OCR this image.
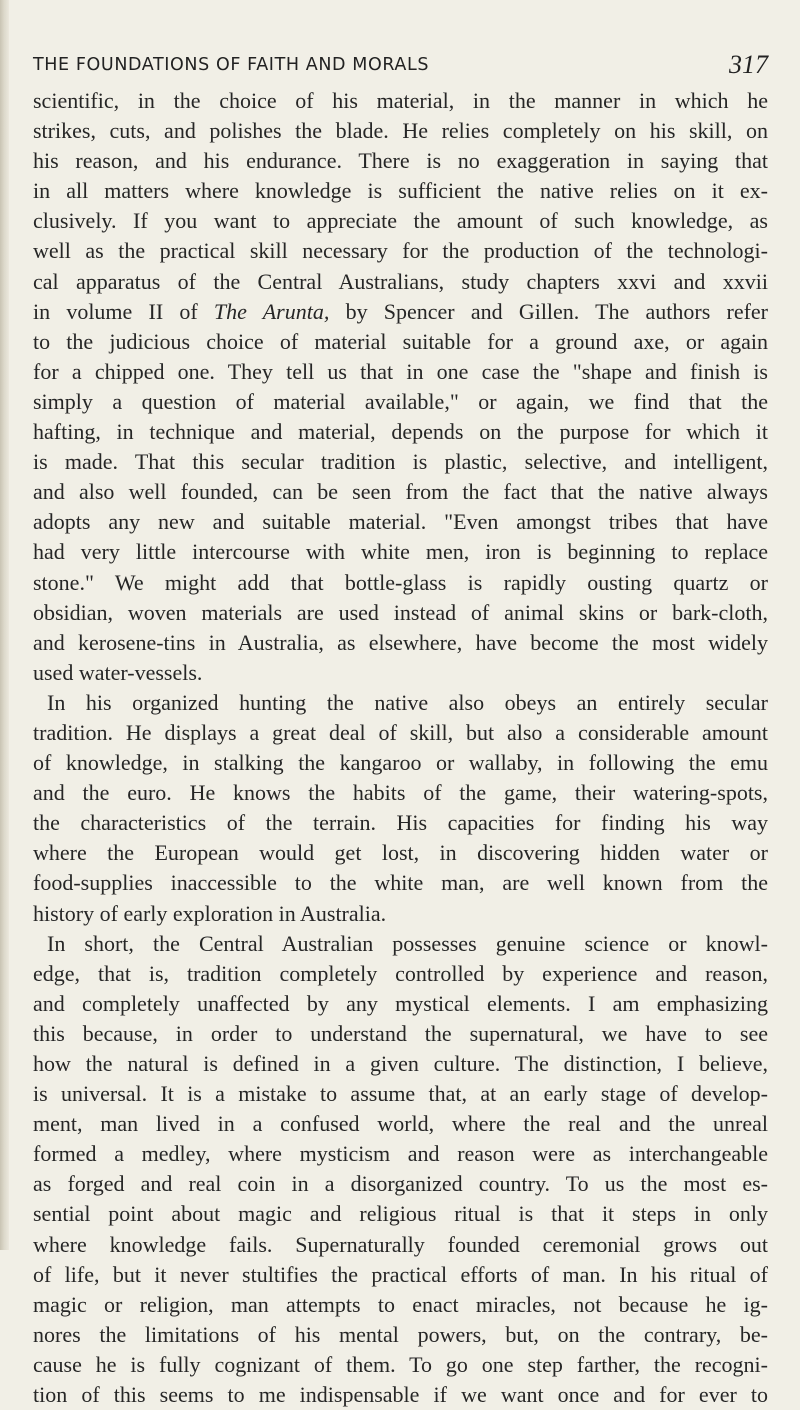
THE FOUNDATIONS OF FAITH AND MORALS	317
scientific, in the choice of his material, in the manner in which he
strikes, cuts, and polishes the blade. He relies completely on his skill, on
his reason, and his endurance. There is no exaggeration in saying that
in all matters where knowledge is sufficient the native relies on it ex-
clusively. If you want to appreciate the amount of such knowledge, as
well as the practical skill necessary for the production of the technologi-
cal apparatus of the Central Australians, study chapters xxvi and xxvii
in volume II of The Arunta, by Spencer and Gillen. The authors refer
to the judicious choice of material suitable for a ground axe, or again
for a chipped one. They tell us that in one case the "shape and finish is
simply a question of material available," or again, we find that the
hafting, in technique and material, depends on the purpose for which it
is made. That this secular tradition is plastic, selective, and intelligent,
and also well founded, can be seen from the fact that the native always
adopts any new and suitable material. "Even amongst tribes that have
had very little intercourse with white men, iron is beginning to replace
stone." We might add that bottle-glass is rapidly ousting quartz or
obsidian, woven materials are used instead of animal skins or bark-cloth,
and kerosene-tins in Australia, as elsewhere, have become the most widely
used water-vessels.
In his organized hunting the native also obeys an entirely secular
tradition. He displays a great deal of skill, but also a considerable amount
of knowledge, in stalking the kangaroo or wallaby, in following the emu
and the euro. He knows the habits of the game, their watering-spots,
the characteristics of the terrain. His capacities for finding his way
where the European would get lost, in discovering hidden water or
food-supplies inaccessible to the white man, are well known from the
history of early exploration in Australia.
In short, the Central Australian possesses genuine science or knowl-
edge, that is, tradition completely controlled by experience and reason,
and completely unaffected by any mystical elements. I am emphasizing
this because, in order to understand the supernatural, we have to see
how the natural is defined in a given culture. The distinction, I believe,
is universal. It is a mistake to assume that, at an early stage of develop-
ment, man lived in a confused world, where the real and the unreal
formed a medley, where mysticism and reason were as interchangeable
as forged and real coin in a disorganized country. To us the most es-
sential point about magic and religious ritual is that it steps in only
where knowledge fails. Supernaturally founded ceremonial grows out
of life, but it never stultifies the practical efforts of man. In his ritual of
magic or religion, man attempts to enact miracles, not because he ig-
nores the limitations of his mental powers, but, on the contrary, be-
cause he is fully cognizant of them. To go one step farther, the recogni-
tion of this seems to me indispensable if we want once and for ever to
